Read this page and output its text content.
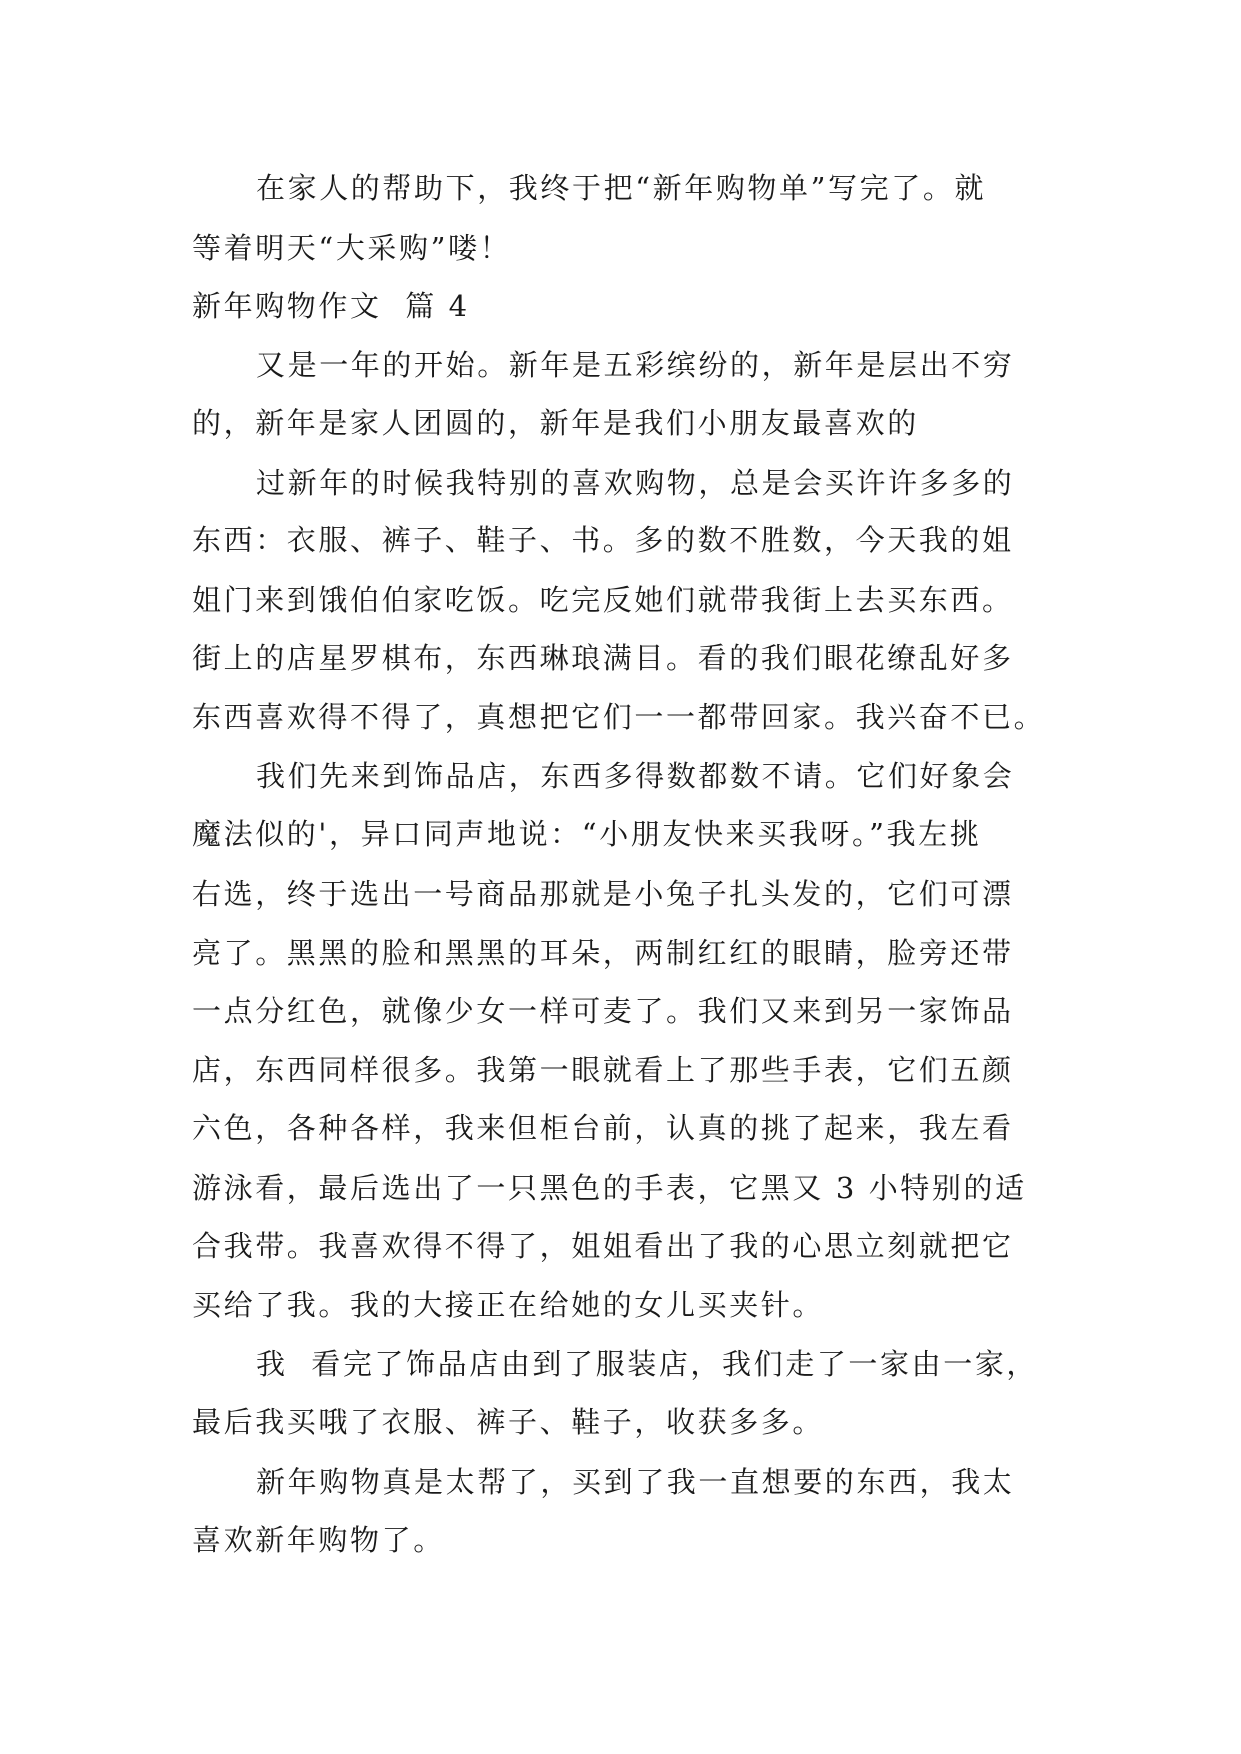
在家人的帮助下，我终于把“新年购物单”写完了。就
等着明天“大采购”喽！
新年购物作文  篇 4
又是一年的开始。新年是五彩缤纷的，新年是层出不穷
的，新年是家人团圆的，新年是我们小朋友最喜欢的
过新年的时候我特别的喜欢购物，总是会买许许多多的
东西：衣服、裤子、鞋子、书。多的数不胜数，今天我的姐
姐门来到饿伯伯家吃饭。吃完反她们就带我街上去买东西。
街上的店星罗棋布，东西琳琅满目。看的我们眼花缭乱好多
东西喜欢得不得了，真想把它们一一都带回家。我兴奋不已。
我们先来到饰品店，东西多得数都数不请。它们好象会
魔法似的'，异口同声地说：“小朋友快来买我呀。”我左挑
右选，终于选出一号商品那就是小兔子扎头发的，它们可漂
亮了。黑黑的脸和黑黑的耳朵，两制红红的眼睛，脸旁还带
一点分红色，就像少女一样可麦了。我们又来到另一家饰品
店，东西同样很多。我第一眼就看上了那些手表，它们五颜
六色，各种各样，我来但柜台前，认真的挑了起来，我左看
游泳看，最后选出了一只黑色的手表，它黑又 3 小特别的适
合我带。我喜欢得不得了，姐姐看出了我的心思立刻就把它
买给了我。我的大接正在给她的女儿买夹针。
我  看完了饰品店由到了服装店，我们走了一家由一家，
最后我买哦了衣服、裤子、鞋子，收获多多。
新年购物真是太帮了，买到了我一直想要的东西，我太
喜欢新年购物了。
